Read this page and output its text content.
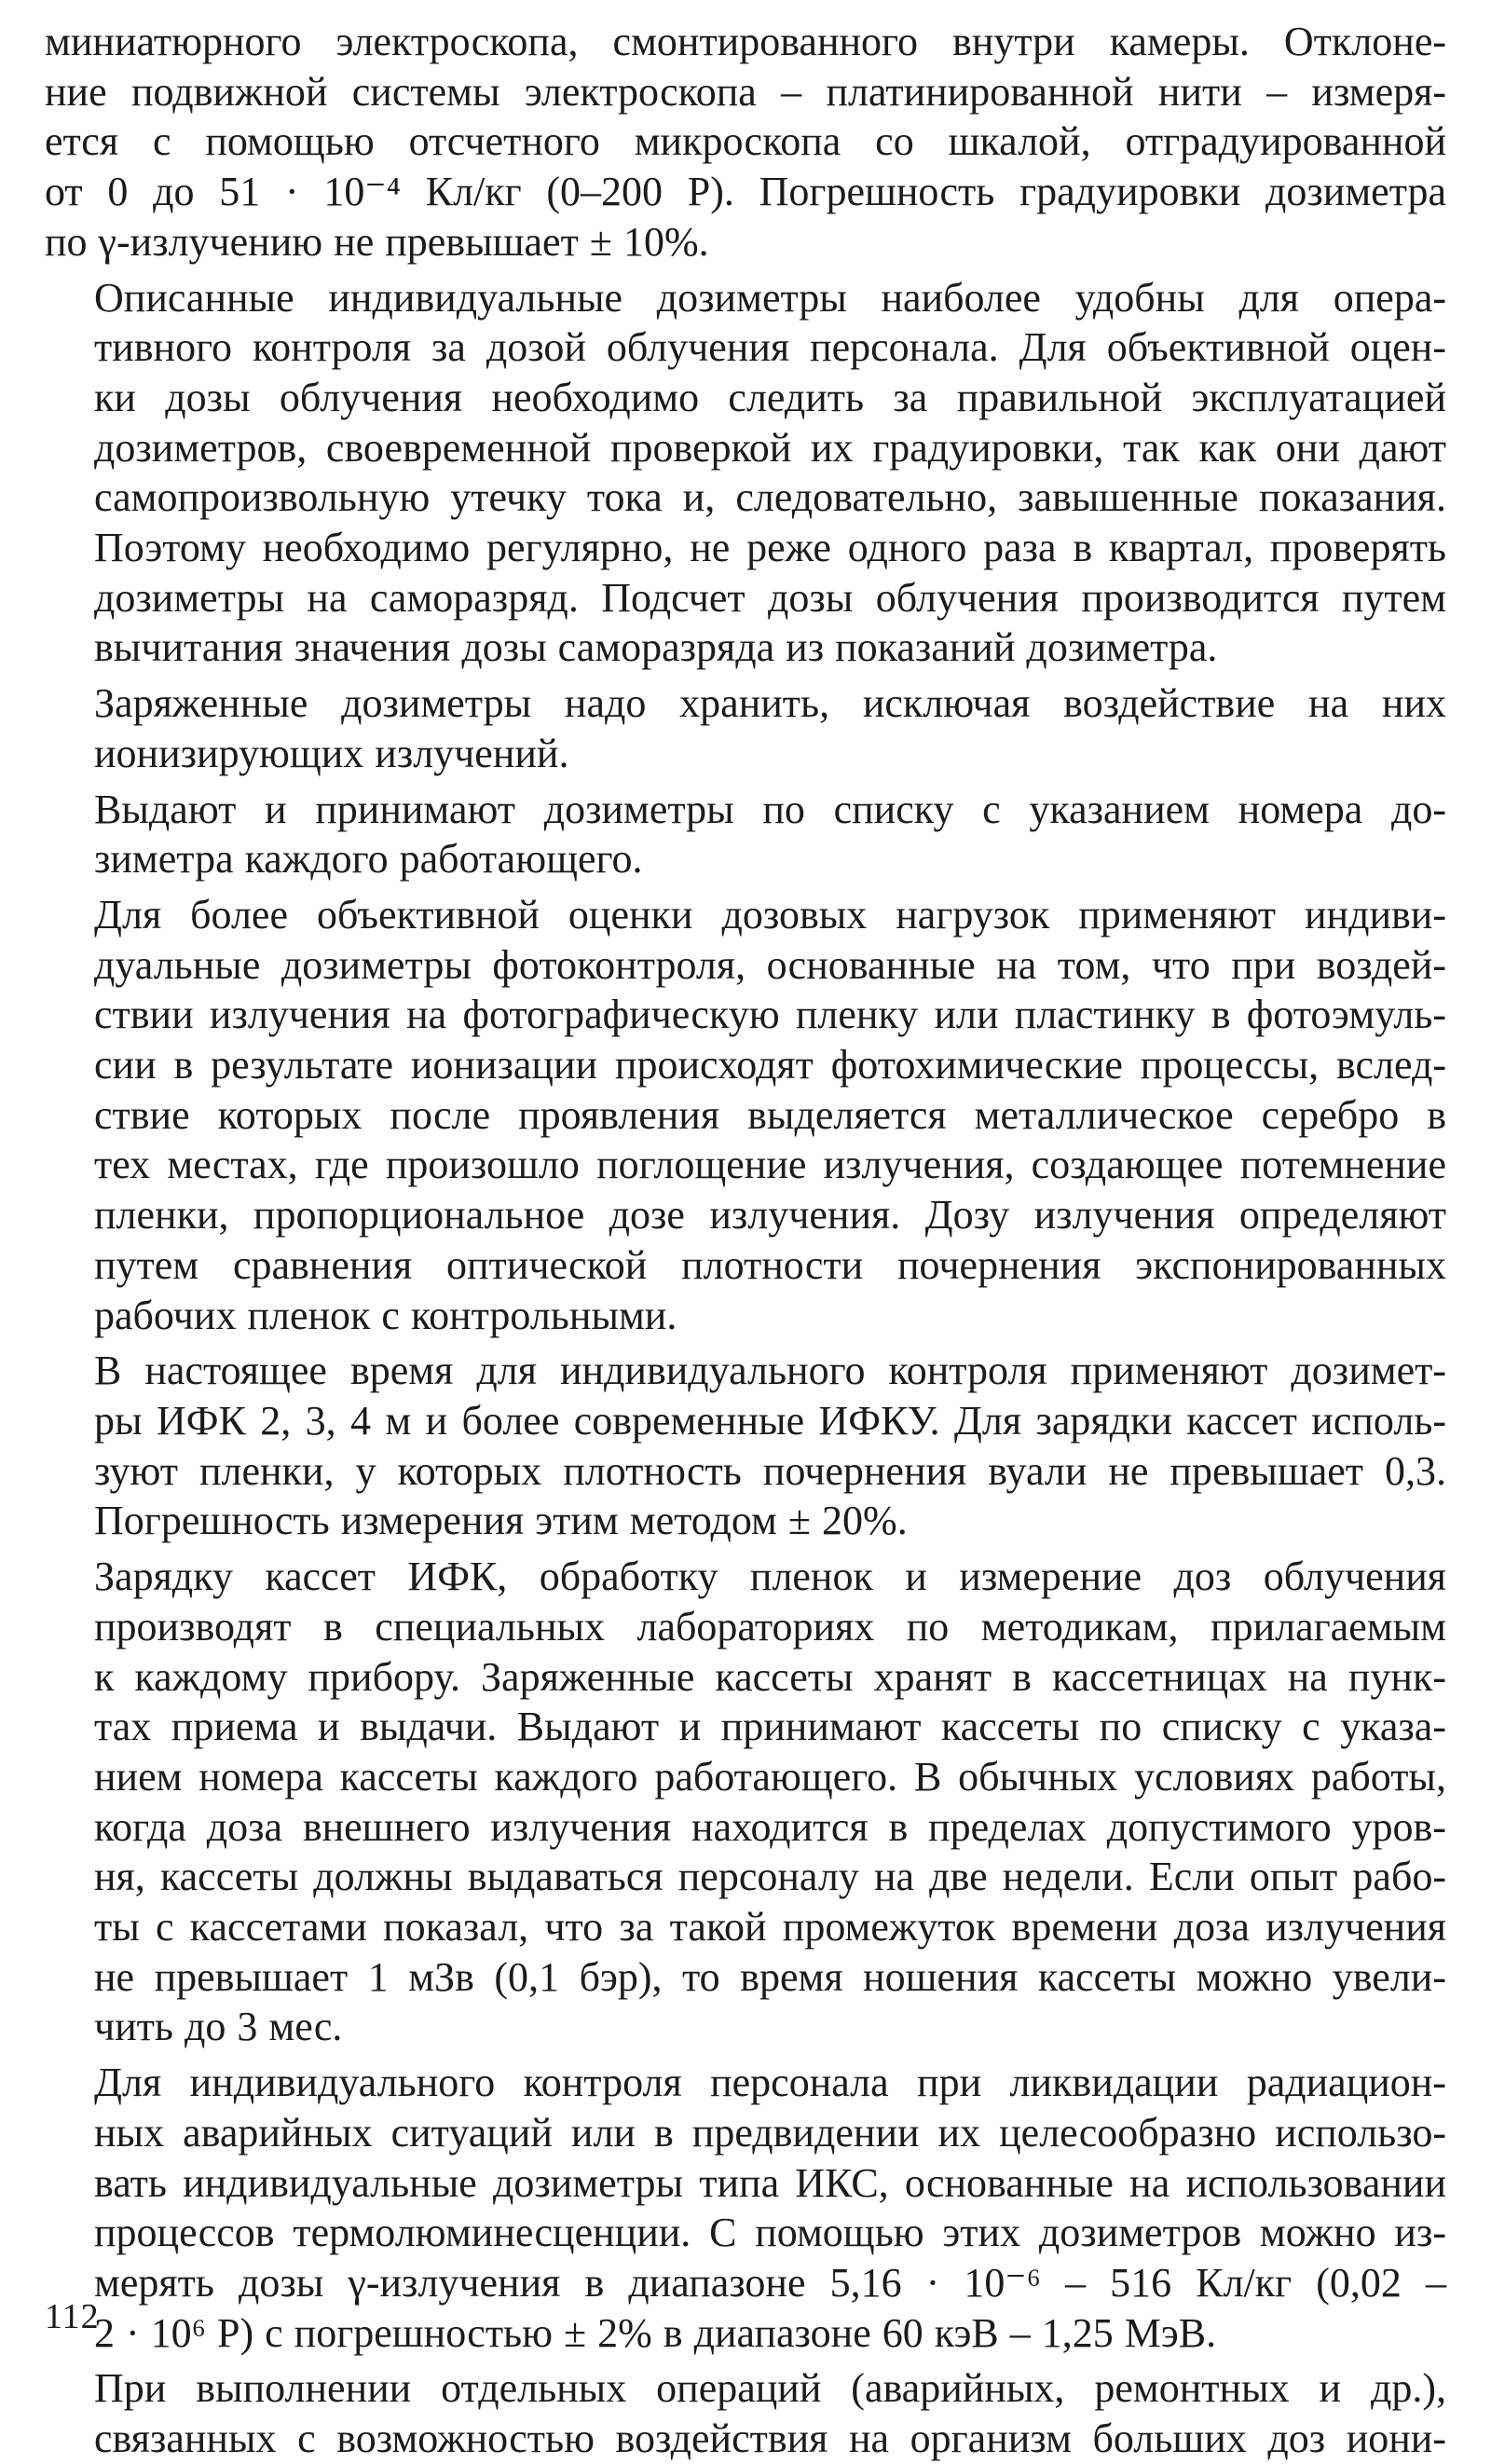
миниатюрного электроскопа, смонтированного внутри камеры. Отклоне-
ние подвижной системы электроскопа – платинированной нити – измеря-
ется с помощью отсчетного микроскопа со шкалой, отградуированной
от 0 до 51 · 10⁻⁴ Кл/кг (0–200 Р). Погрешность градуировки дозиметра
по γ-излучению не превышает ± 10%.

Описанные индивидуальные дозиметры наиболее удобны для опера-
тивного контроля за дозой облучения персонала. Для объективной оцен-
ки дозы облучения необходимо следить за правильной эксплуатацией
дозиметров, своевременной проверкой их градуировки, так как они дают
самопроизвольную утечку тока и, следовательно, завышенные показания.
Поэтому необходимо регулярно, не реже одного раза в квартал, проверять
дозиметры на саморазряд. Подсчет дозы облучения производится путем
вычитания значения дозы саморазряда из показаний дозиметра.

Заряженные дозиметры надо хранить, исключая воздействие на них
ионизирующих излучений.

Выдают и принимают дозиметры по списку с указанием номера до-
зиметра каждого работающего.

Для более объективной оценки дозовых нагрузок применяют индиви-
дуальные дозиметры фотоконтроля, основанные на том, что при воздей-
ствии излучения на фотографическую пленку или пластинку в фотоэмуль-
сии в результате ионизации происходят фотохимические процессы, вслед-
ствие которых после проявления выделяется металлическое серебро в
тех местах, где произошло поглощение излучения, создающее потемнение
пленки, пропорциональное дозе излучения. Дозу излучения определяют
путем сравнения оптической плотности почернения экспонированных
рабочих пленок с контрольными.

В настоящее время для индивидуального контроля применяют дозимет-
ры ИФК 2, 3, 4 м и более современные ИФКУ. Для зарядки кассет исполь-
зуют пленки, у которых плотность почернения вуали не превышает 0,3.
Погрешность измерения этим методом ± 20%.

Зарядку кассет ИФК, обработку пленок и измерение доз облучения
производят в специальных лабораториях по методикам, прилагаемым
к каждому прибору. Заряженные кассеты хранят в кассетницах на пунк-
тах приема и выдачи. Выдают и принимают кассеты по списку с указа-
нием номера кассеты каждого работающего. В обычных условиях работы,
когда доза внешнего излучения находится в пределах допустимого уров-
ня, кассеты должны выдаваться персоналу на две недели. Если опыт рабо-
ты с кассетами показал, что за такой промежуток времени доза излучения
не превышает 1 мЗв (0,1 бэр), то время ношения кассеты можно увели-
чить до 3 мес.

Для индивидуального контроля персонала при ликвидации радиацион-
ных аварийных ситуаций или в предвидении их целесообразно использо-
вать индивидуальные дозиметры типа ИКС, основанные на использовании
процессов термолюминесценции. С помощью этих дозиметров можно из-
мерять дозы γ-излучения в диапазоне 5,16 · 10⁻⁶ – 516 Кл/кг (0,02 –
2 · 10⁶ Р) с погрешностью ± 2% в диапазоне 60 кэВ – 1,25 МэВ.

При выполнении отдельных операций (аварийных, ремонтных и др.),
связанных с возможностью воздействия на организм больших доз иони-

112
